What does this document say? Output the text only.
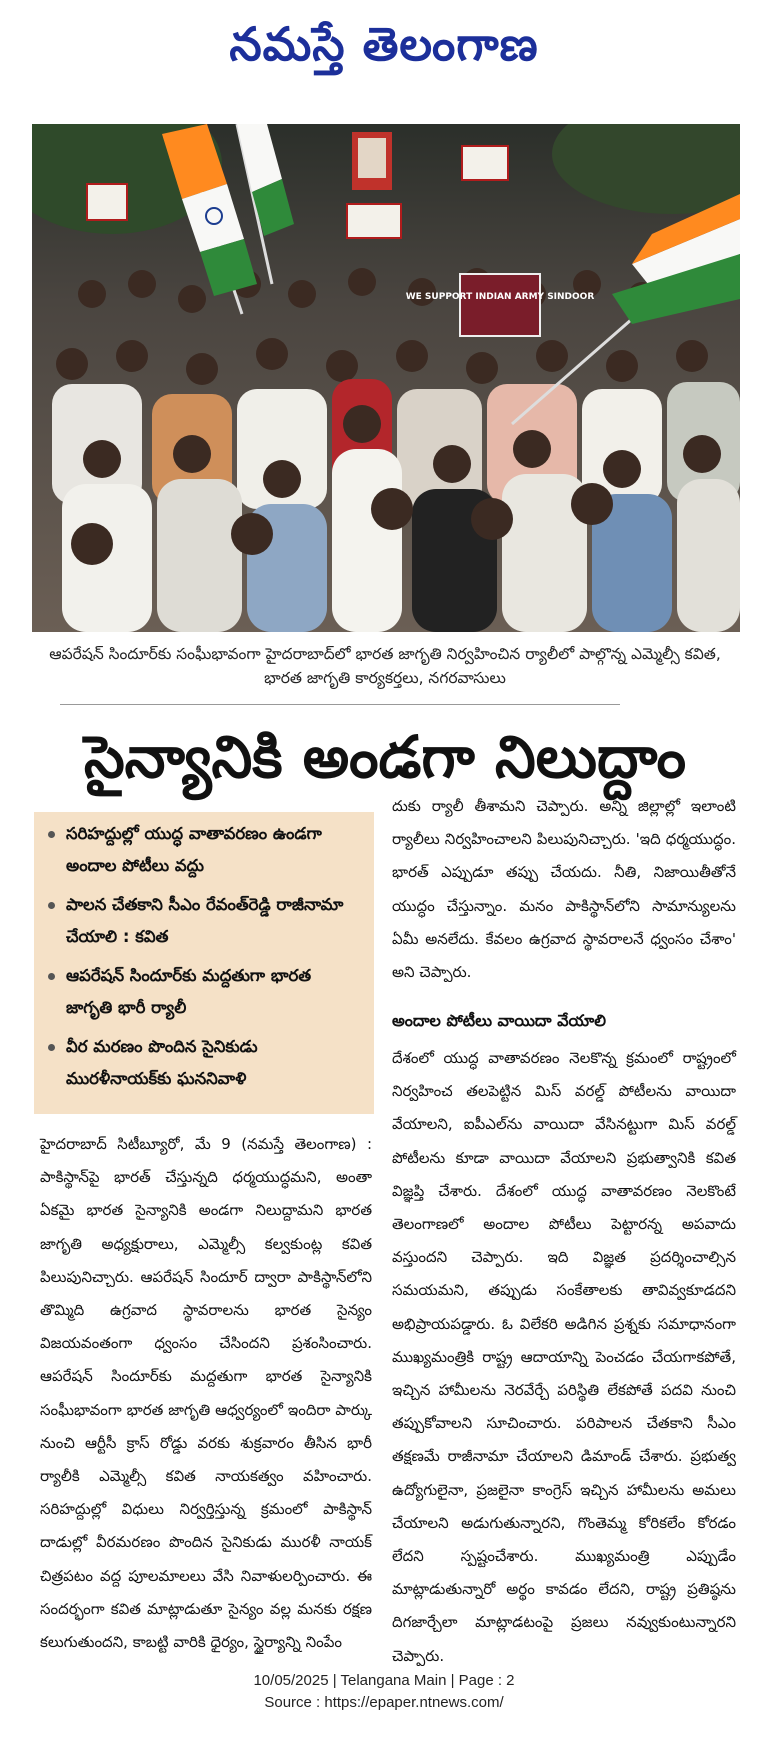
నమస్తే తెలంగాణ
WE SUPPORT INDIAN ARMY SINDOOR
ఆపరేషన్ సిందూర్‌కు సంఘీభావంగా హైదరాబాద్‌లో భారత జాగృతి నిర్వహించిన ర్యాలీలో పాల్గొన్న ఎమ్మెల్సీ కవిత, భారత జాగృతి కార్యకర్తలు, నగరవాసులు
సైన్యానికి అండగా నిలుద్దాం
సరిహద్దుల్లో యుద్ధ వాతావరణం ఉండగా అందాల పోటీలు వద్దు
పాలన చేతకాని సీఎం రేవంత్‌రెడ్డి రాజీనామా చేయాలి : కవిత
ఆపరేషన్ సిందూర్‌కు మద్దతుగా భారత జాగృతి భారీ ర్యాలీ
వీర మరణం పొందిన సైనికుడు మురళీనాయక్‌కు ఘననివాళి
హైదరాబాద్ సిటీబ్యూరో, మే 9 (నమస్తే తెలంగాణ) : పాకిస్థాన్‌పై భారత్ చేస్తున్నది ధర్మయుద్ధమని, అంతా ఏకమై భారత సైన్యానికి అండగా నిలుద్దామని భారత జాగృతి అధ్యక్షురాలు, ఎమ్మెల్సీ కల్వకుంట్ల కవిత పిలుపునిచ్చారు. ఆపరేషన్ సిందూర్ ద్వారా పాకిస్థాన్‌లోని తొమ్మిది ఉగ్రవాద స్థావరాలను భారత సైన్యం విజయవంతంగా ధ్వంసం చేసిందని ప్రశంసించారు. ఆపరేషన్ సిందూర్‌కు మద్దతుగా భారత సైన్యానికి సంఘీభావంగా భారత జాగృతి ఆధ్వర్యంలో ఇందిరా పార్కు నుంచి ఆర్టీసీ క్రాస్ రోడ్డు వరకు శుక్రవారం తీసిన భారీ ర్యాలీకి ఎమ్మెల్సీ కవిత నాయకత్వం వహించారు. సరిహద్దుల్లో విధులు నిర్వర్తిస్తున్న క్రమంలో పాకిస్థాన్ దాడుల్లో వీరమరణం పొందిన సైనికుడు మురళీ నాయక్ చిత్రపటం వద్ద పూలమాలలు వేసి నివాళులర్పించారు. ఈ సందర్భంగా కవిత మాట్లాడుతూ సైన్యం వల్ల మనకు రక్షణ కలుగుతుందని, కాబట్టి వారికి ధైర్యం, స్థైర్యాన్ని నింపేం
దుకు ర్యాలీ తీశామని చెప్పారు. అన్ని జిల్లాల్లో ఇలాంటి ర్యాలీలు నిర్వహించాలని పిలుపునిచ్చారు. 'ఇది ధర్మయుద్ధం. భారత్ ఎప్పుడూ తప్పు చేయదు. నీతి, నిజాయితీతోనే యుద్ధం చేస్తున్నాం. మనం పాకిస్థాన్‌లోని సామాన్యులను ఏమీ అనలేదు. కేవలం ఉగ్రవాద స్థావరాలనే ధ్వంసం చేశాం' అని చెప్పారు.
అందాల పోటీలు వాయిదా వేయాలి
దేశంలో యుద్ధ వాతావరణం నెలకొన్న క్రమంలో రాష్ట్రంలో నిర్వహించ తలపెట్టిన మిస్ వరల్డ్ పోటీలను వాయిదా వేయాలని, ఐపీఎల్‌ను వాయిదా వేసినట్టుగా మిస్ వరల్డ్ పోటీలను కూడా వాయిదా వేయాలని ప్రభుత్వానికి కవిత విజ్ఞప్తి చేశారు. దేశంలో యుద్ధ వాతావరణం నెలకొంటే తెలంగాణలో అందాల పోటీలు పెట్టారన్న అపవాదు వస్తుందని చెప్పారు. ఇది విజ్ఞత ప్రదర్శించాల్సిన సమయమని, తప్పుడు సంకేతాలకు తావివ్వకూడదని అభిప్రాయపడ్డారు. ఓ విలేకరి అడిగిన ప్రశ్నకు సమాధానంగా ముఖ్యమంత్రికి రాష్ట్ర ఆదాయాన్ని పెంచడం చేయగాకపోతే, ఇచ్చిన హామీలను నెరవేర్చే పరిస్థితి లేకపోతే పదవి నుంచి తప్పుకోవాలని సూచించారు. పరిపాలన చేతకాని సీఎం తక్షణమే రాజీనామా చేయాలని డిమాండ్ చేశారు. ప్రభుత్వ ఉద్యోగులైనా, ప్రజలైనా కాంగ్రెస్ ఇచ్చిన హామీలను అమలు చేయాలని అడుగుతున్నారని, గొంతెమ్మ కోరికలేం కోరడం లేదని స్పష్టంచేశారు. ముఖ్యమంత్రి ఎప్పుడేం మాట్లాడుతున్నారో అర్థం కావడం లేదని, రాష్ట్ర ప్రతిష్ఠను దిగజార్చేలా మాట్లాడటంపై ప్రజలు నవ్వుకుంటున్నారని చెప్పారు.
10/05/2025 | Telangana Main | Page : 2
Source : https://epaper.ntnews.com/
